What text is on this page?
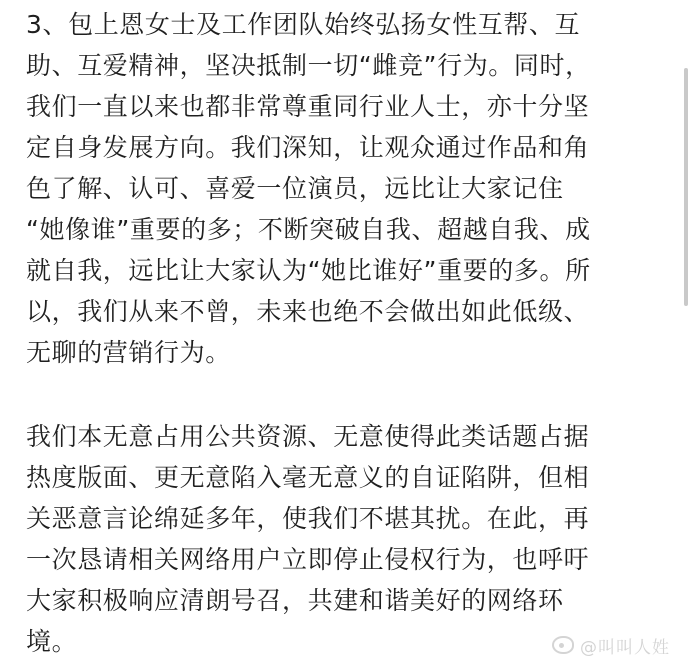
3、包上恩女士及工作团队始终弘扬女性互帮、互
助、互爱精神，坚决抵制一切“雌竞”行为。同时，
我们一直以来也都非常尊重同行业人士，亦十分坚
定自身发展方向。我们深知，让观众通过作品和角
色了解、认可、喜爱一位演员，远比让大家记住
“她像谁”重要的多；不断突破自我、超越自我、成
就自我，远比让大家认为“她比谁好”重要的多。所
以，我们从来不曾，未来也绝不会做出如此低级、
无聊的营销行为。
我们本无意占用公共资源、无意使得此类话题占据
热度版面、更无意陷入毫无意义的自证陷阱，但相
关恶意言论绵延多年，使我们不堪其扰。在此，再
一次恳请相关网络用户立即停止侵权行为，也呼吁
大家积极响应清朗号召，共建和谐美好的网络环
境。	@叫叫人姓
